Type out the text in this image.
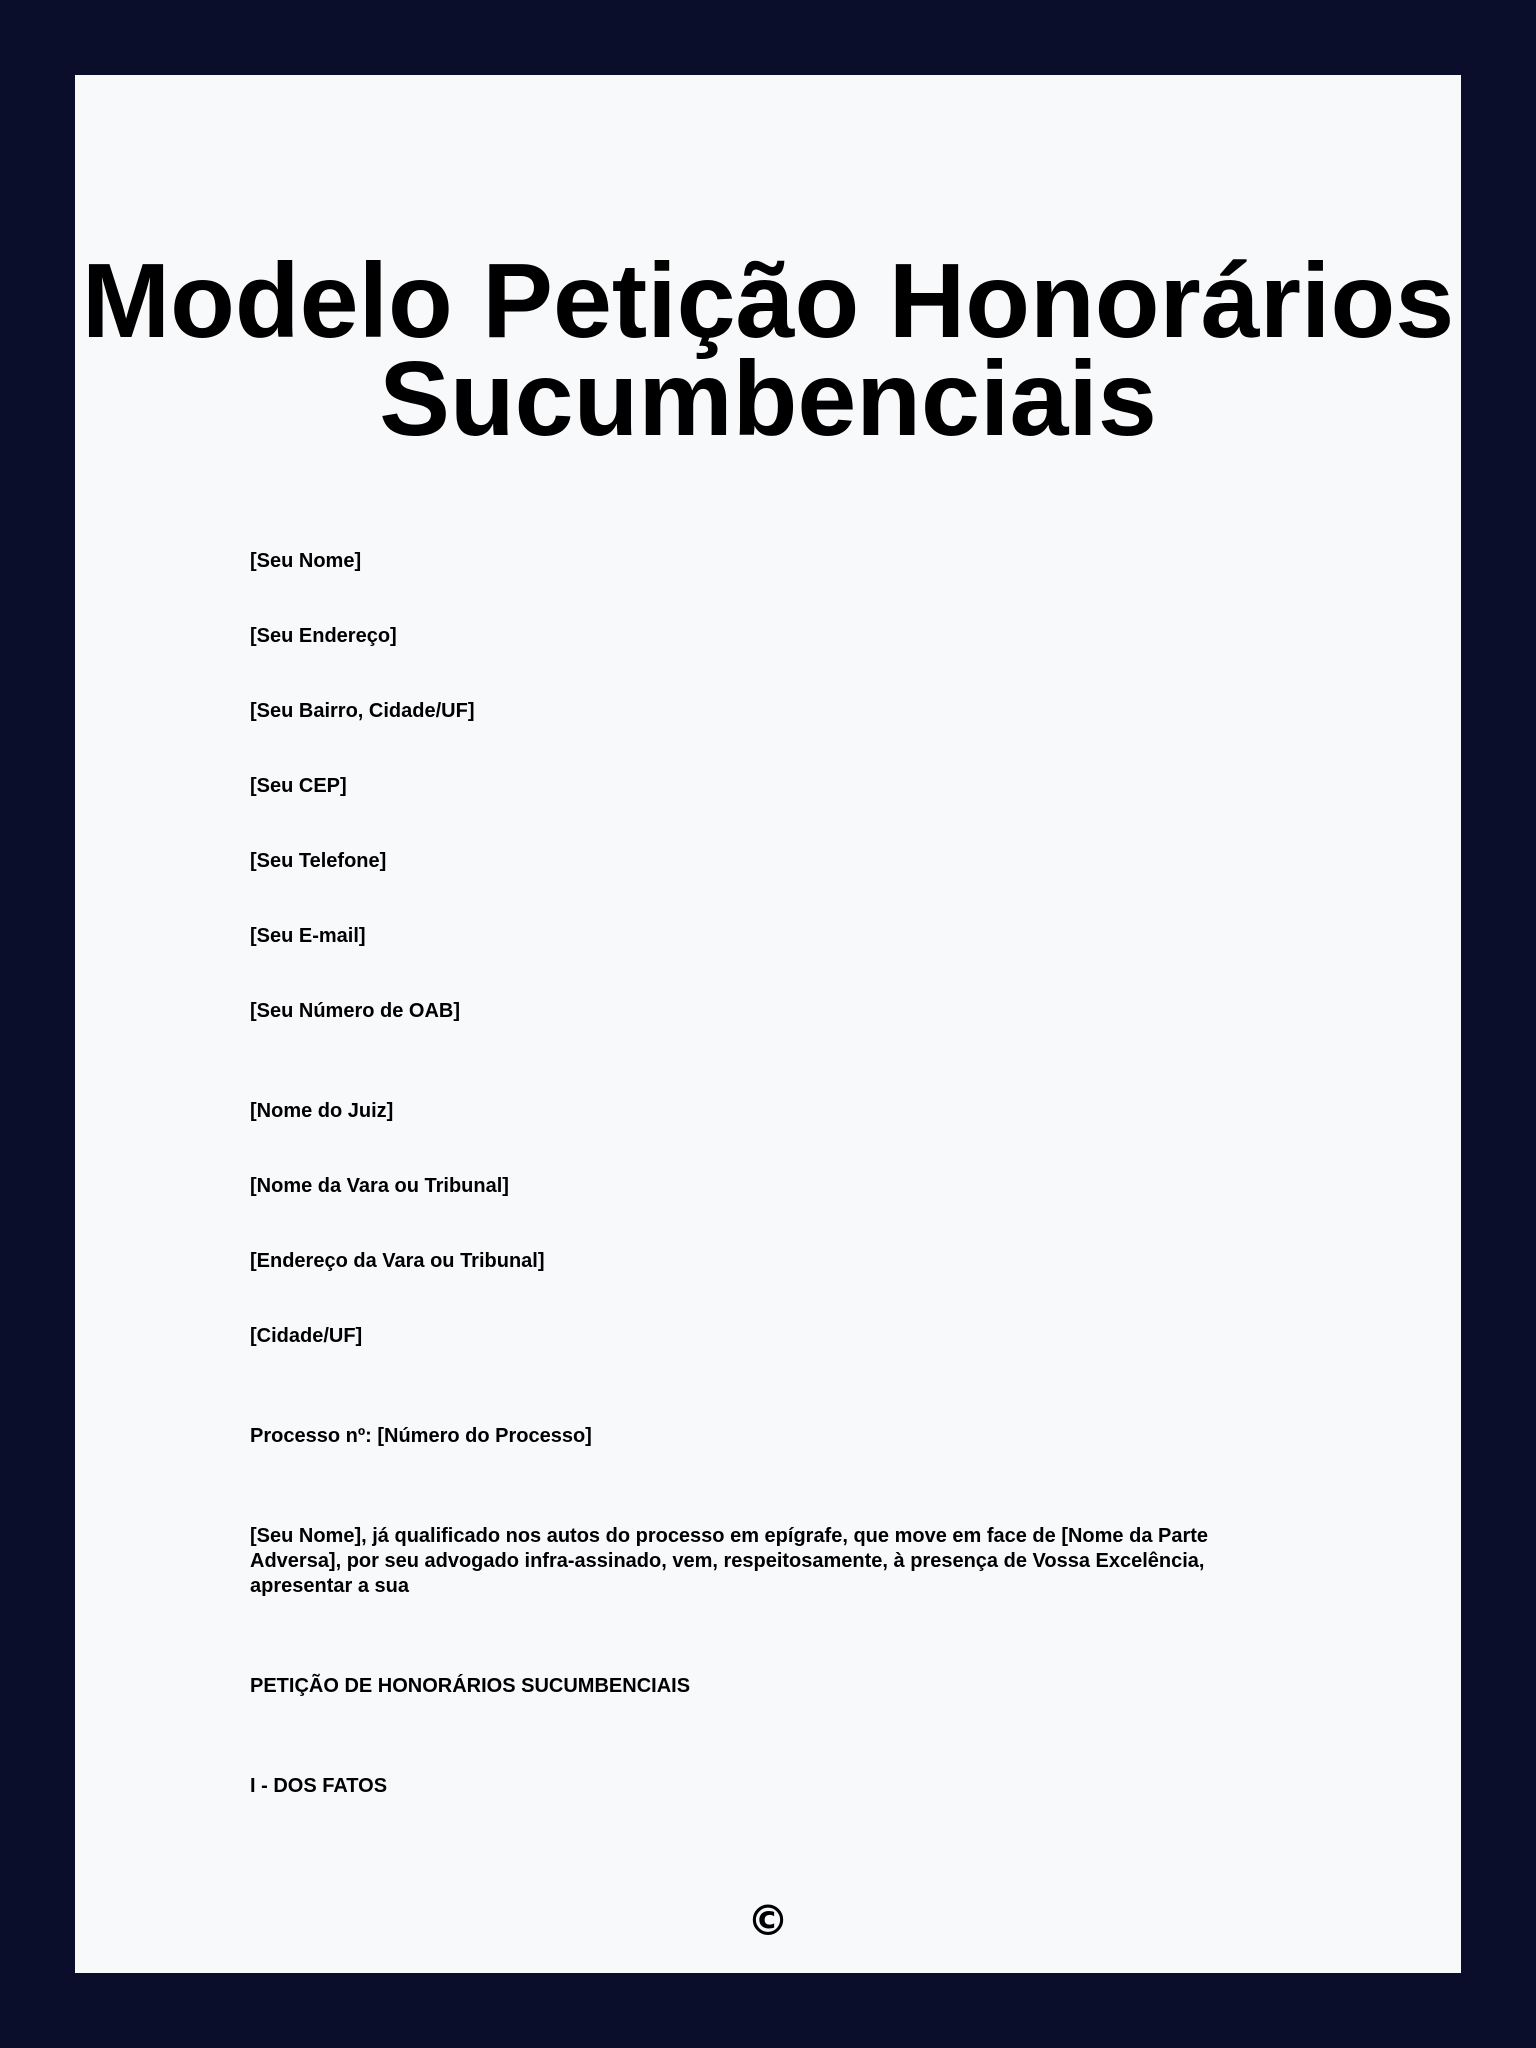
Modelo Petição Honorários
Sucumbenciais

[Seu Nome]

[Seu Endereço]

[Seu Bairro, Cidade/UF]

[Seu CEP]

[Seu Telefone]

[Seu E-mail]

[Seu Número de OAB]

[Nome do Juiz]

[Nome da Vara ou Tribunal]

[Endereço da Vara ou Tribunal]

[Cidade/UF]

Processo nº: [Número do Processo]

[Seu Nome], já qualificado nos autos do processo em epígrafe, que move em face de [Nome da Parte Adversa], por seu advogado infra-assinado, vem, respeitosamente, à presença de Vossa Excelência, apresentar a sua

PETIÇÃO DE HONORÁRIOS SUCUMBENCIAIS

I - DOS FATOS

©
